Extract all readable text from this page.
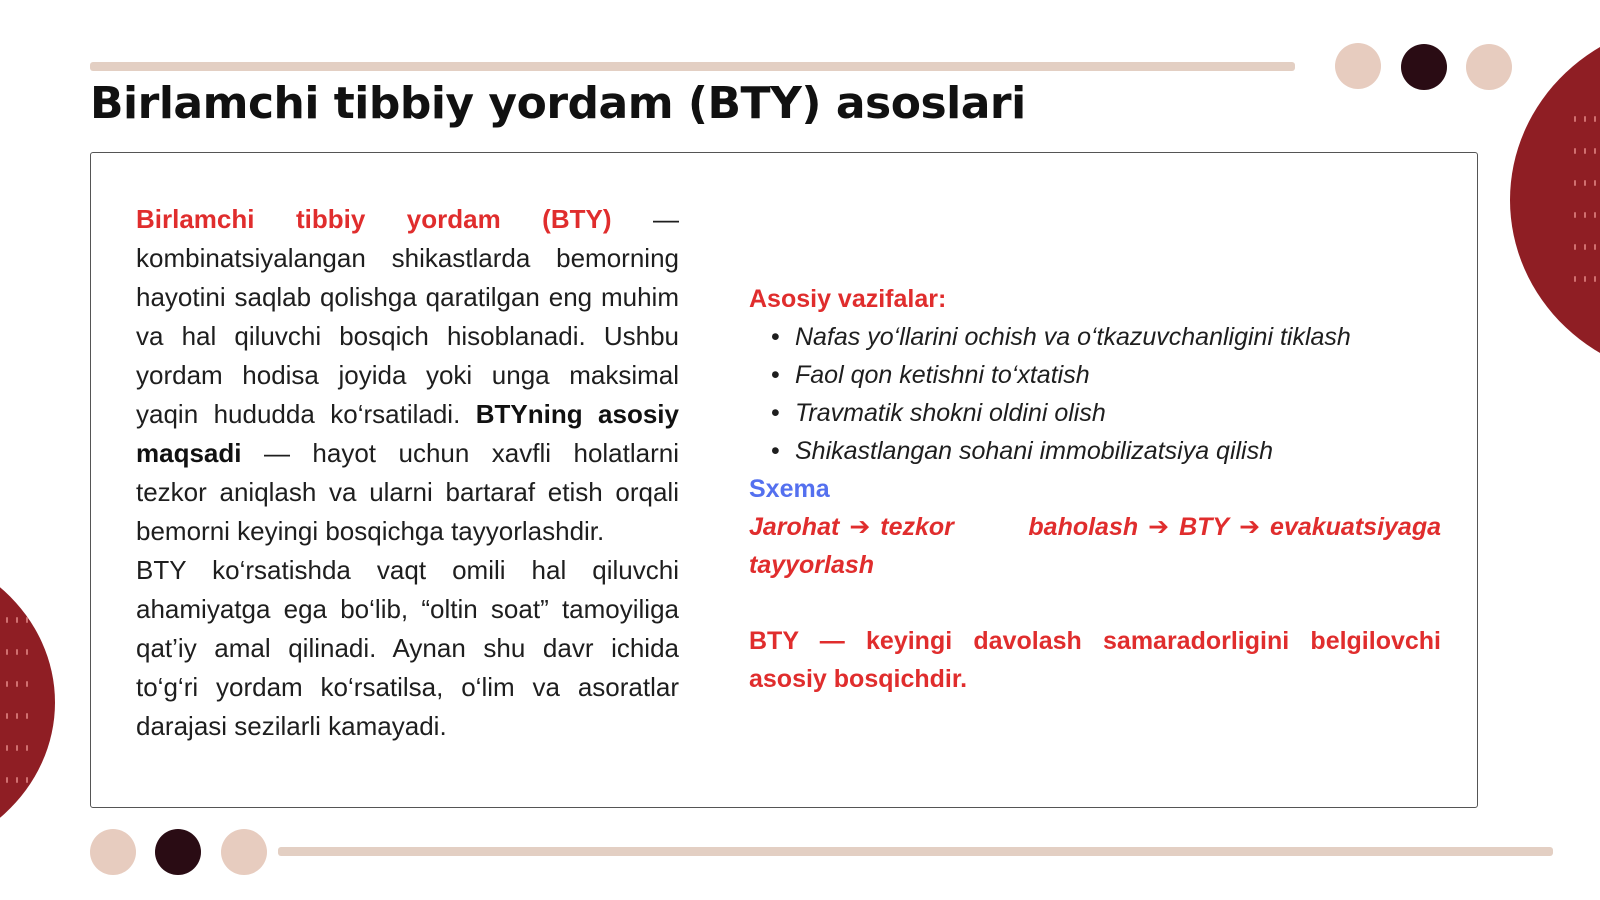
Birlamchi tibbiy yordam (BTY) asoslari

Birlamchi tibbiy yordam (BTY) — kombinatsiyalangan shikastlarda bemorning hayotini saqlab qolishga qaratilgan eng muhim va hal qiluvchi bosqich hisoblanadi. Ushbu yordam hodisa joyida yoki unga maksimal yaqin hududda ko‘rsatiladi. BTYning asosiy maqsadi — hayot uchun xavfli holatlarni tezkor aniqlash va ularni bartaraf etish orqali bemorni keyingi bosqichga tayyorlashdir.

BTY ko‘rsatishda vaqt omili hal qiluvchi ahamiyatga ega bo‘lib, “oltin soat” tamoyiliga qat’iy amal qilinadi. Aynan shu davr ichida to‘g‘ri yordam ko‘rsatilsa, o‘lim va asoratlar darajasi sezilarli kamayadi.

Asosiy vazifalar:
• Nafas yo‘llarini ochish va o‘tkazuvchanligini tiklash
• Faol qon ketishni to‘xtatish
• Travmatik shokni oldini olish
• Shikastlangan sohani immobilizatsiya qilish
Sxema
Jarohat ➔ tezkor baholash ➔ BTY ➔ evakuatsiyaga tayyorlash
BTY — keyingi davolash samaradorligini belgilovchi asosiy bosqichdir.
